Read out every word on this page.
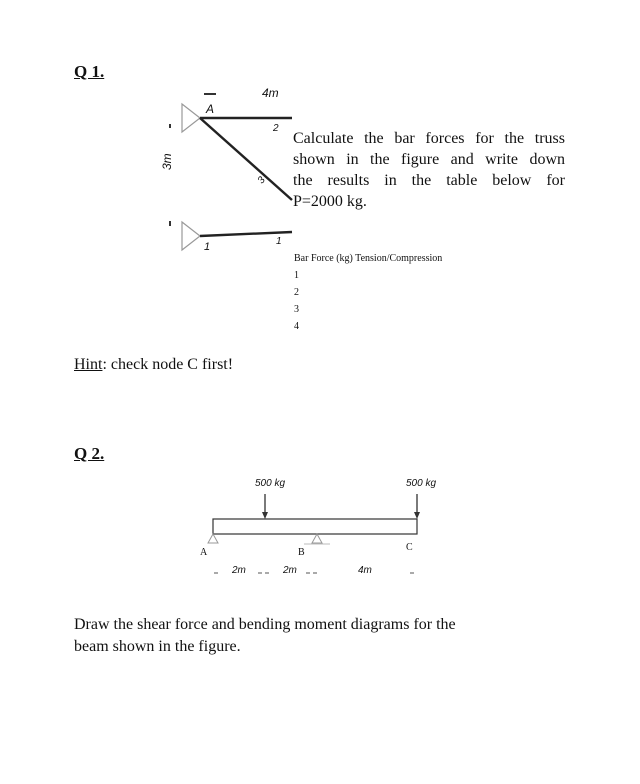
Q 1.
4m
A
2
3
1	1
3m
Calculate the bar forces for the truss
shown in the figure and write down
the results in the table below for
P=2000 kg.
Bar Force (kg) Tension/Compression
1
2
3
4
Hint: check node C first!
Q 2.
500 kg	500 kg
A	B	C
2m	2m	4m
Draw the shear force and bending moment diagrams for the
beam shown in the figure.
